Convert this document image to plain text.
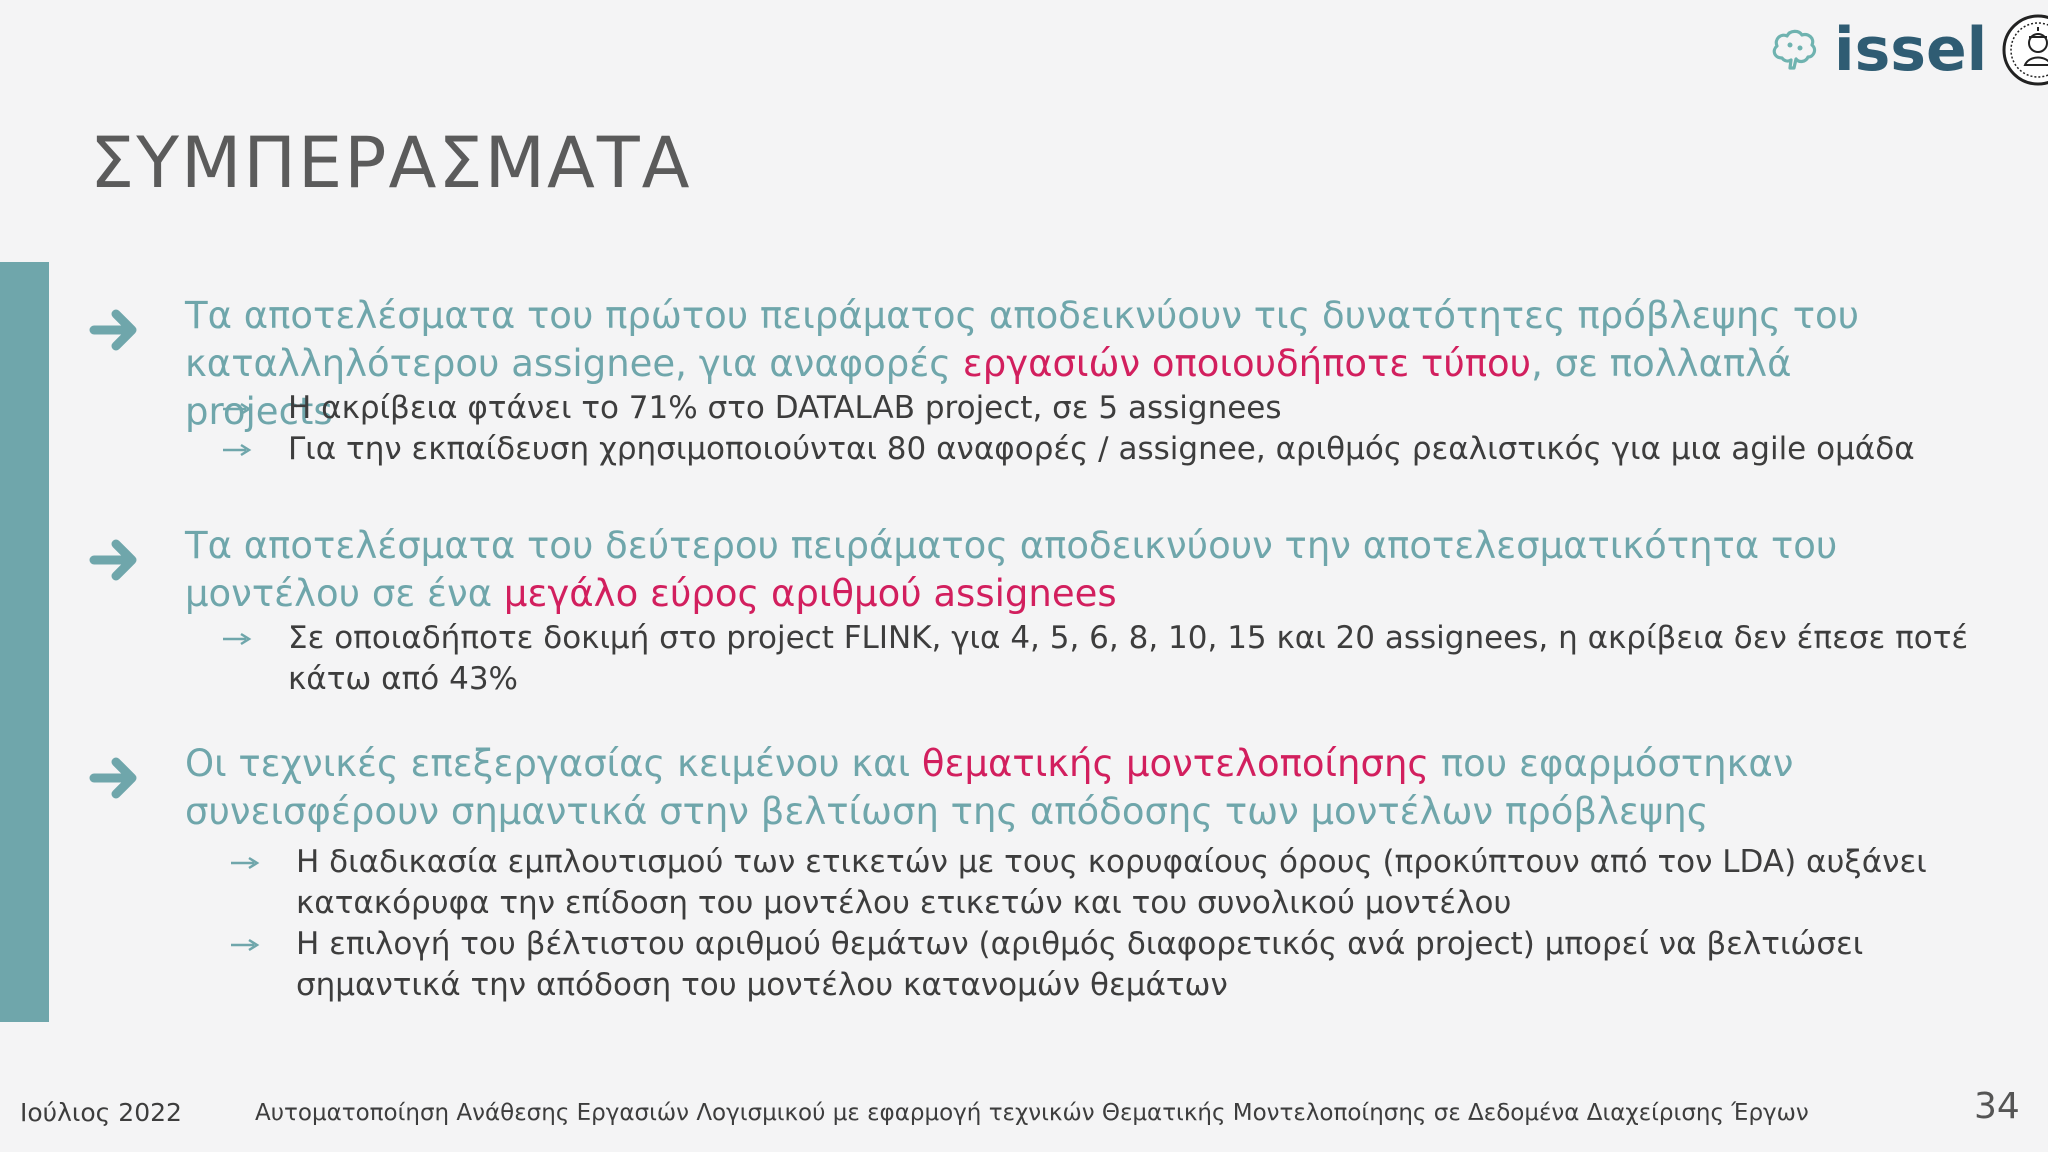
issel
ΣΥΜΠΕΡΑΣΜΑΤΑ
Τα αποτελέσματα του πρώτου πειράματος αποδεικνύουν τις δυνατότητες πρόβλεψης του καταλληλότερου assignee, για αναφορές εργασιών οποιουδήποτε τύπου, σε πολλαπλά projects
Η ακρίβεια φτάνει το 71% στο DATALAB project, σε 5 assignees
Για την εκπαίδευση χρησιμοποιούνται 80 αναφορές / assignee, αριθμός ρεαλιστικός για μια agile ομάδα
Τα αποτελέσματα του δεύτερου πειράματος αποδεικνύουν την αποτελεσματικότητα του μοντέλου σε ένα μεγάλο εύρος αριθμού assignees
Σε οποιαδήποτε δοκιμή στο project FLINK, για 4, 5, 6, 8, 10, 15 και 20 assignees, η ακρίβεια δεν έπεσε ποτέ κάτω από 43%
Οι τεχνικές επεξεργασίας κειμένου και θεματικής μοντελοποίησης που εφαρμόστηκαν συνεισφέρουν σημαντικά στην βελτίωση της απόδοσης των μοντέλων πρόβλεψης
Η διαδικασία εμπλουτισμού των ετικετών με τους κορυφαίους όρους (προκύπτουν από τον LDA) αυξάνει κατακόρυφα την επίδοση του μοντέλου ετικετών και του συνολικού μοντέλου
Η επιλογή του βέλτιστου αριθμού θεμάτων (αριθμός διαφορετικός ανά project) μπορεί να βελτιώσει σημαντικά την απόδοση του μοντέλου κατανομών θεμάτων
Ιούλιος 2022	Αυτοματοποίηση Ανάθεσης Εργασιών Λογισμικού με εφαρμογή τεχνικών Θεματικής Μοντελοποίησης σε Δεδομένα Διαχείρισης Έργων	34
